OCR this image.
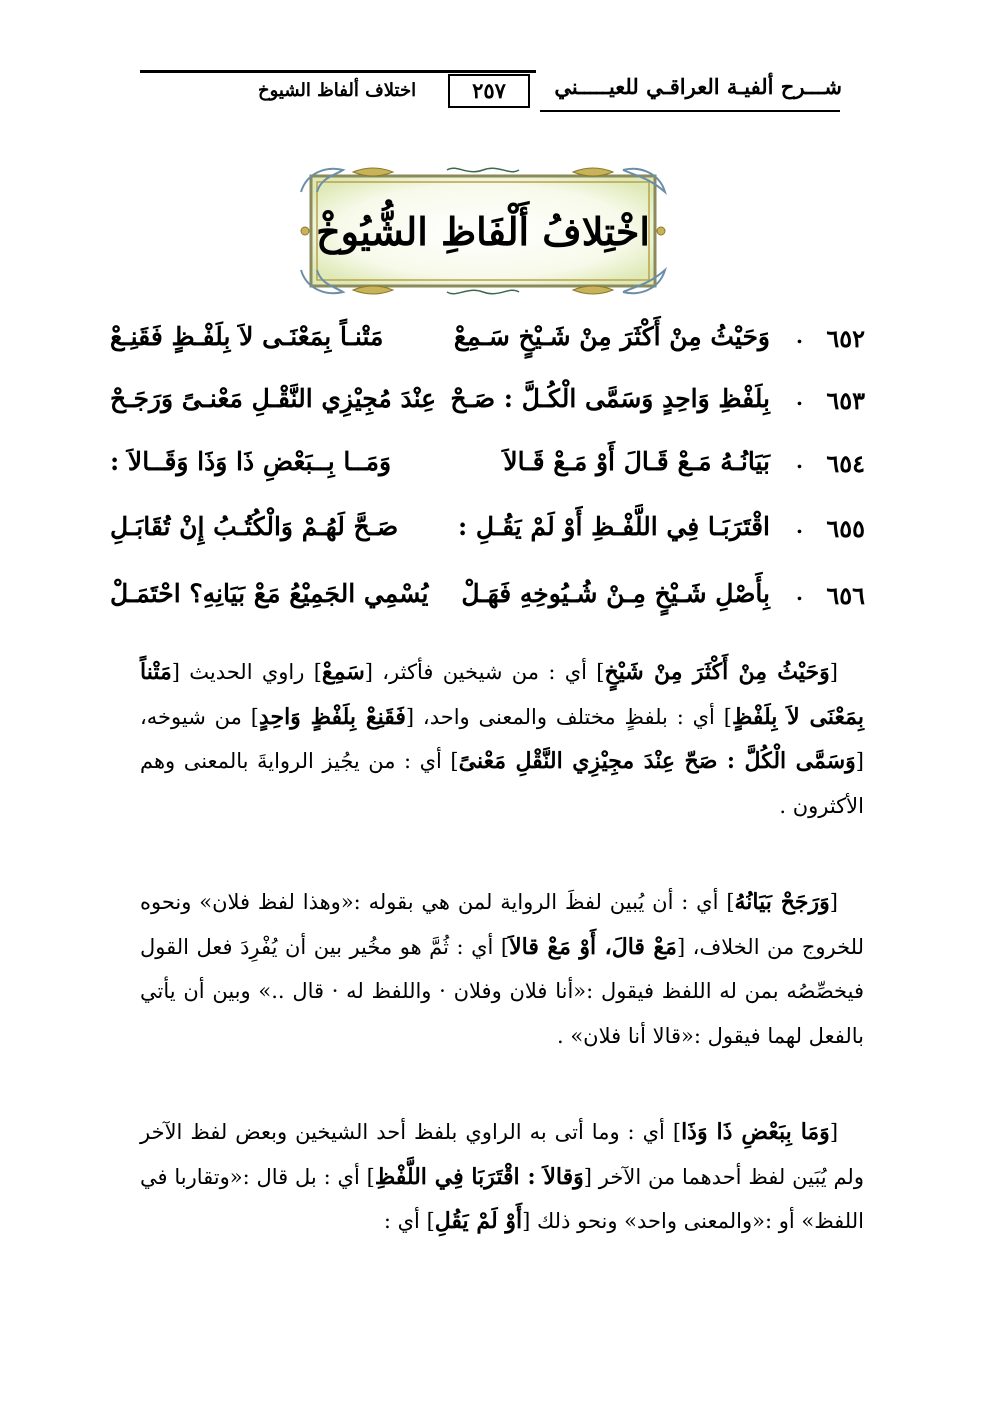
شـــرح ألفيـة العراقـي للعيـــــني
٢٥٧
اختلاف ألفاظ الشيوخ
اخْتِلافُ أَلْفَاظِ الشُّيُوخْ
٦٥٢
.
وَحَيْثُ مِنْ أَكْثَرَ مِنْ شَـيْخٍ سَـمِعْ
مَتْنـاً بِمَعْنَـى لاَ بِلَفْـظٍ فَقَنِـعْ
٦٥٣
.
بِلَفْظِ وَاحِدٍ وَسَمَّى الْكُـلَّ : صَـحْ
عِنْدَ مُجِيْزِي النَّقْـلِ مَعْنـىً وَرَجَـحْ
٦٥٤
.
بَيَانُـهُ مَـعْ قَـالَ أَوْ مَـعْ قَـالاَ
وَمَــا بِــبَعْضِ ذَا وَذَا وَقَــالاَ :
٦٥٥
.
اقْتَرَبَـا فِي اللَّفْـظِ أَوْ لَمْ يَقُـلِ :
صَـحَّ لَهُـمْ وَالْكُتُـبُ إِنْ تُقَابَـلِ
٦٥٦
.
بِأَصْلِ شَـيْخٍ مِـنْ شُـيُوخِهِ فَهَـلْ
يُسْمِي الجَمِيْعُ مَعْ بَيَانِهِ؟ احْتَمَـلْ
[وَحَيْثُ مِنْ أَكْثَرَ مِنْ شَيْخٍ] أي : من شيخين فأكثر، [سَمِعْ] راوي الحديث [مَتْناً بِمَعْنَى لاَ بِلَفْظٍ] أي : بلفظٍ مختلف والمعنى واحد، [فَقَنِعْ بِلَفْظٍ وَاحِدٍ] من شيوخه، [وَسَمَّى الْكُلَّ : صَحّ عِنْدَ مجِيْزِي النَّقْلِ مَعْنىً] أي : من يجُيز الروايةَ بالمعنى وهم الأكثرون .
[وَرَجَحْ بَيَانُهُ] أي : أن يُبين لفظَ الرواية لمن هي بقوله :«وهذا لفظ فلان» ونحوه للخروج من الخلاف، [مَعْ قالَ، أَوْ مَعْ قالاَ] أي : ثُمَّ هو مخُير بين أن يُفْرِدَ فعل القول فيخصِّصُه بمن له اللفظ فيقول :«أنا فلان وفلان · واللفظ له · قال ..» وبين أن يأتي بالفعل لهما فيقول :«قالا أنا فلان» .
[وَمَا بِبَعْضِ ذَا وَذَا] أي : وما أتى به الراوي بلفظ أحد الشيخين وبعض لفظ الآخر ولم يُبَين لفظ أحدهما من الآخر [وَقالاَ : اقْتَرَبَا فِي اللَّفْظِ] أي : بل قال :«وتقاربا في اللفظ» أو :«والمعنى واحد» ونحو ذلك [أَوْ لَمْ يَقُلِ] أي :
